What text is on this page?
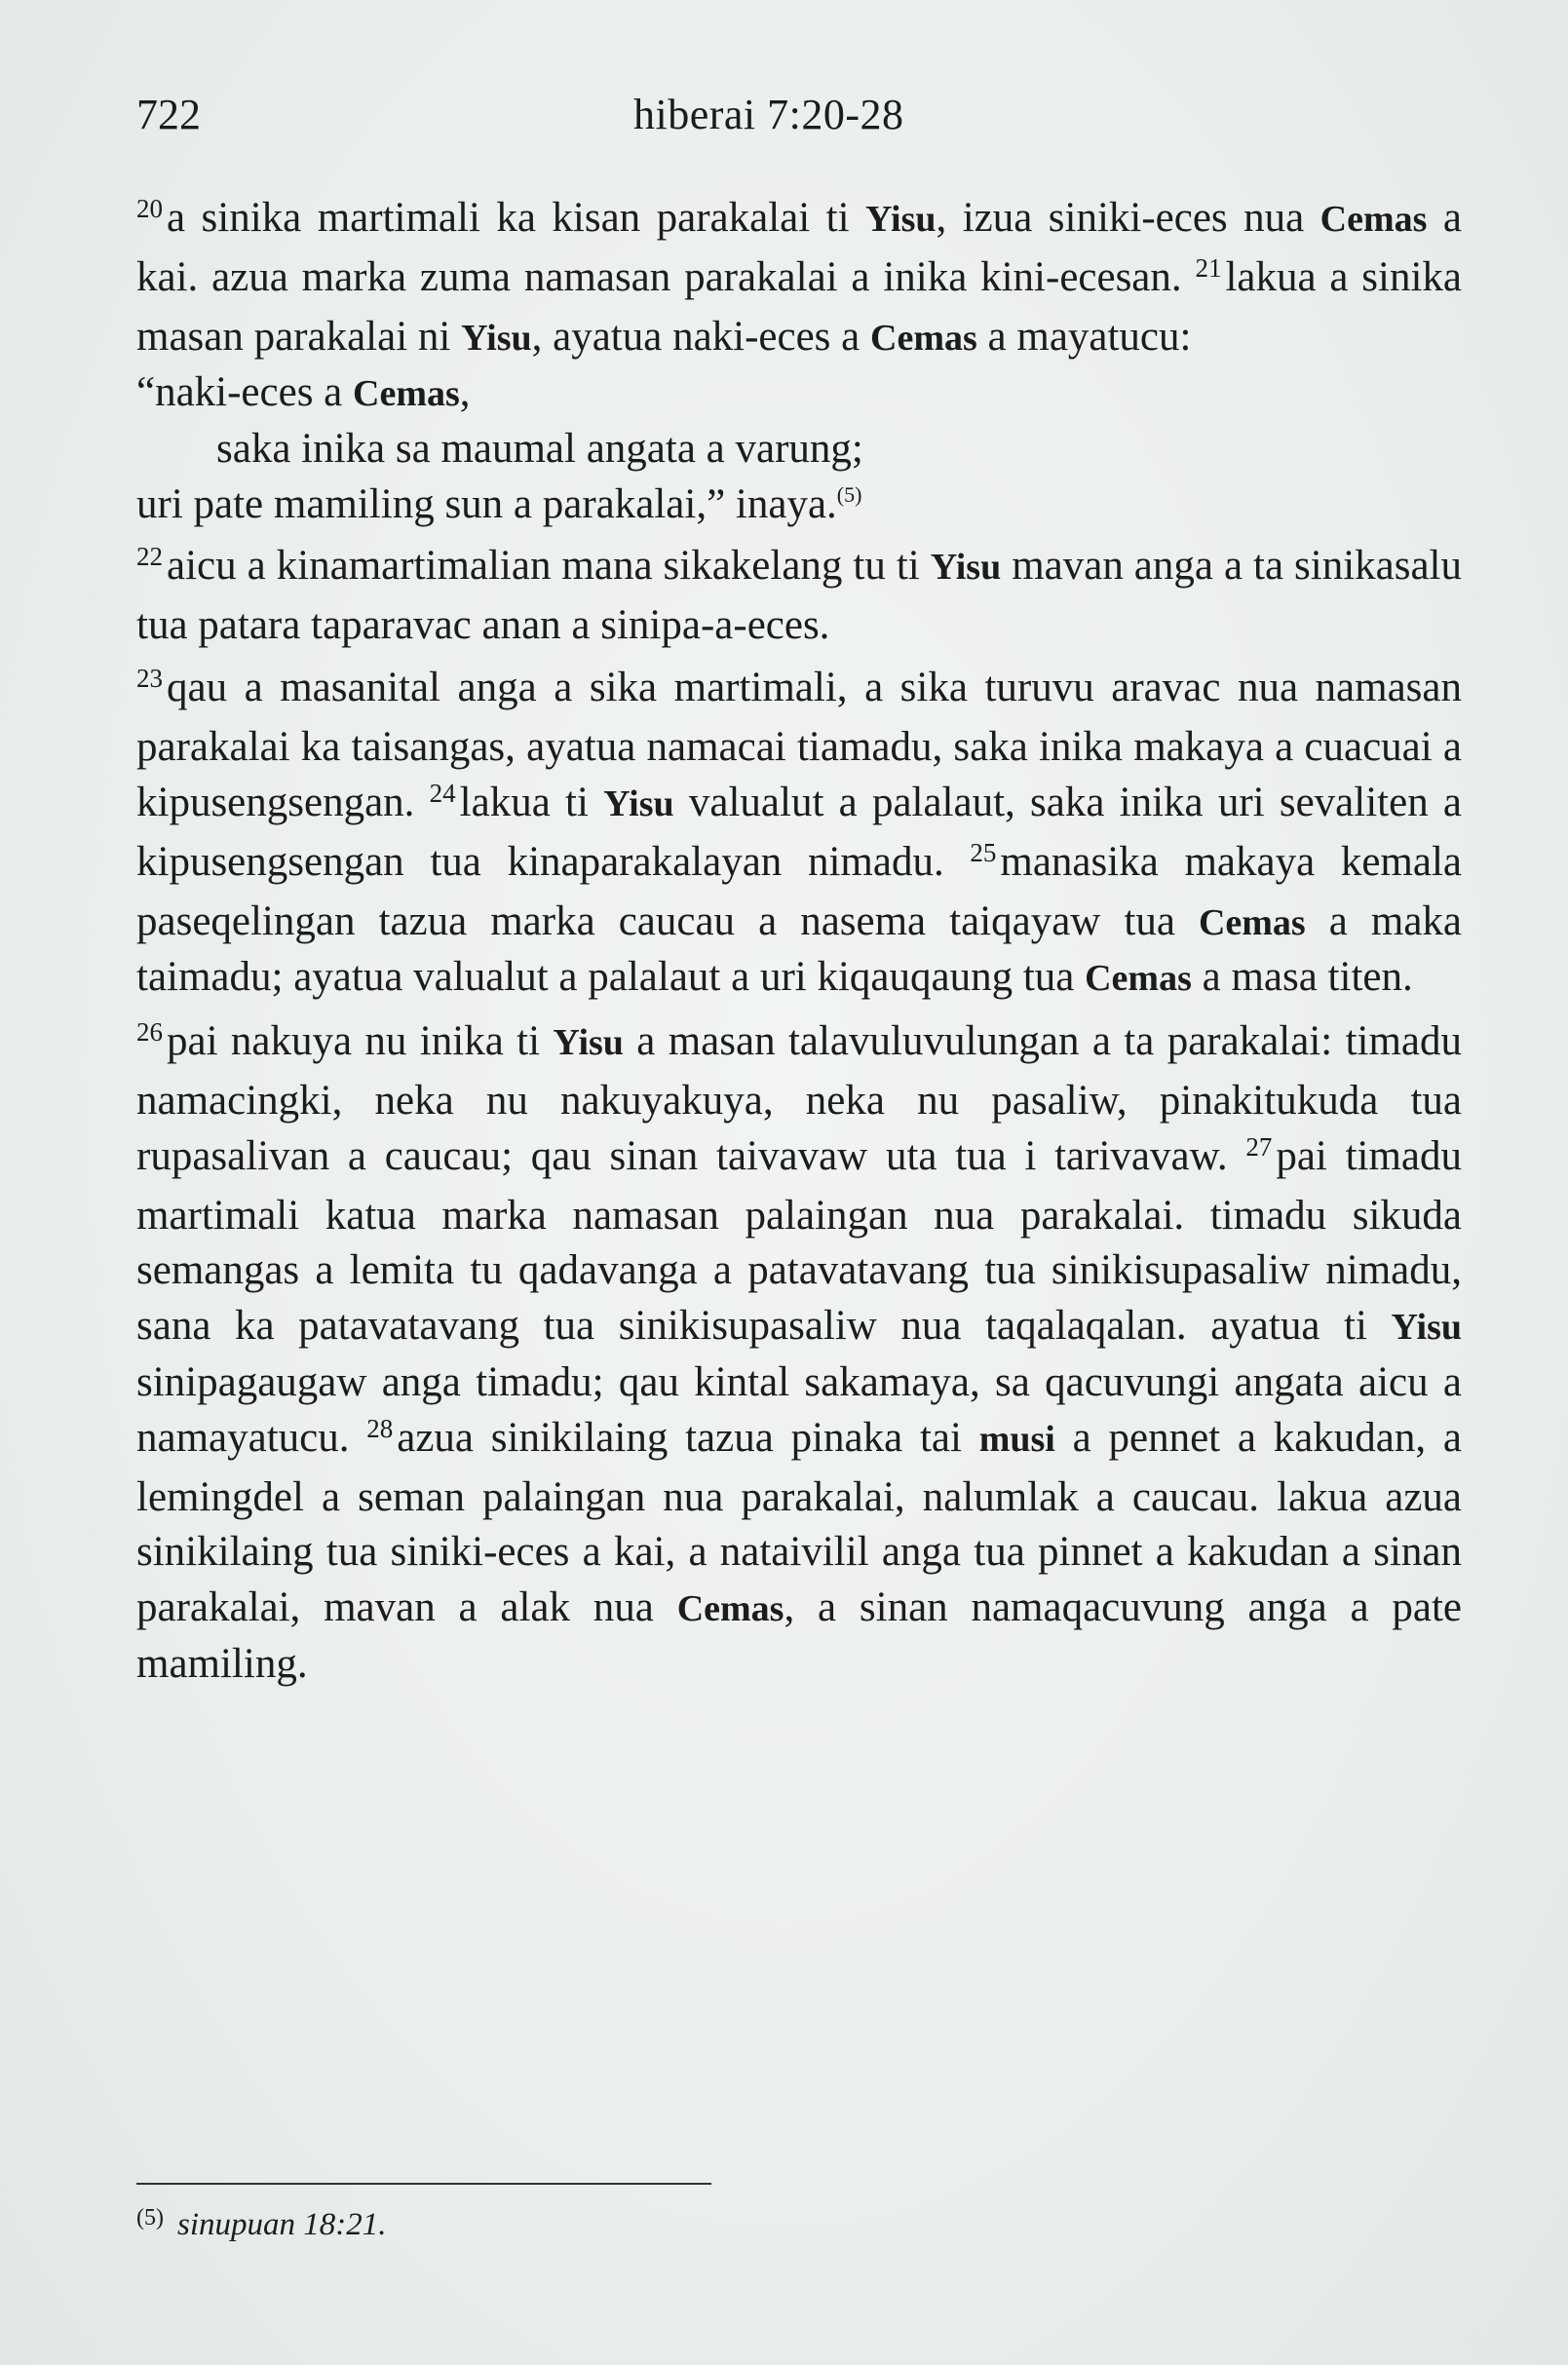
722	hiberai 7:20-28

$^{20}$a sinika martimali ka kisan parakalai ti Yisu, izua siniki-eces nua Cemas a kai. azua marka zuma namasan parakalai a inika kini-ecesan. $^{21}$lakua a sinika masan parakalai ni Yisu, ayatua naki-eces a Cemas a mayatucu:

“naki-eces a Cemas,
saka inika sa maumal angata a varung;
uri pate mamiling sun a parakalai,” inaya.$^{(5)}$

$^{22}$aicu a kinamartimalian mana sikakelang tu ti Yisu mavan anga a ta sinikasalu tua patara taparavac anan a sinipa-a-eces.

$^{23}$qau a masanital anga a sika martimali, a sika turuvu aravac nua namasan parakalai ka taisangas, ayatua namacai tiamadu, saka inika makaya a cuacuai a kipusengsengan. $^{24}$lakua ti Yisu valualut a palalaut, saka inika uri sevaliten a kipusengsengan tua kinaparakalayan nimadu. $^{25}$manasika makaya kemala paseqelingan tazua marka caucau a nasema taiqayaw tua Cemas a maka taimadu; ayatua valualut a palalaut a uri kiqauqaung tua Cemas a masa titen.

$^{26}$pai nakuya nu inika ti Yisu a masan talavuluvulungan a ta parakalai: timadu namacingki, neka nu nakuyakuya, neka nu pasaliw, pinakitukuda tua rupasalivan a caucau; qau sinan taivavaw uta tua i tarivavaw. $^{27}$pai timadu martimali katua marka namasan palaingan nua parakalai. timadu sikuda semangas a lemita tu qadavanga a patavatavang tua sinikisupasaliw nimadu, sana ka patavatavang tua sinikisupasaliw nua taqalaqalan. ayatua ti Yisu sinipagaugaw anga timadu; qau kintal sakamaya, sa qacuvungi angata aicu a namayatucu. $^{28}$azua sinikilaing tazua pinaka tai musi a pennet a kakudan, a lemingdel a seman palaingan nua parakalai, nalumlak a caucau. lakua azua sinikilaing tua siniki-eces a kai, a nataivilil anga tua pinnet a kakudan a sinan parakalai, mavan a alak nua Cemas, a sinan namaqacuvung anga a pate mamiling.

$^{(5)}$ sinupuan 18:21.
